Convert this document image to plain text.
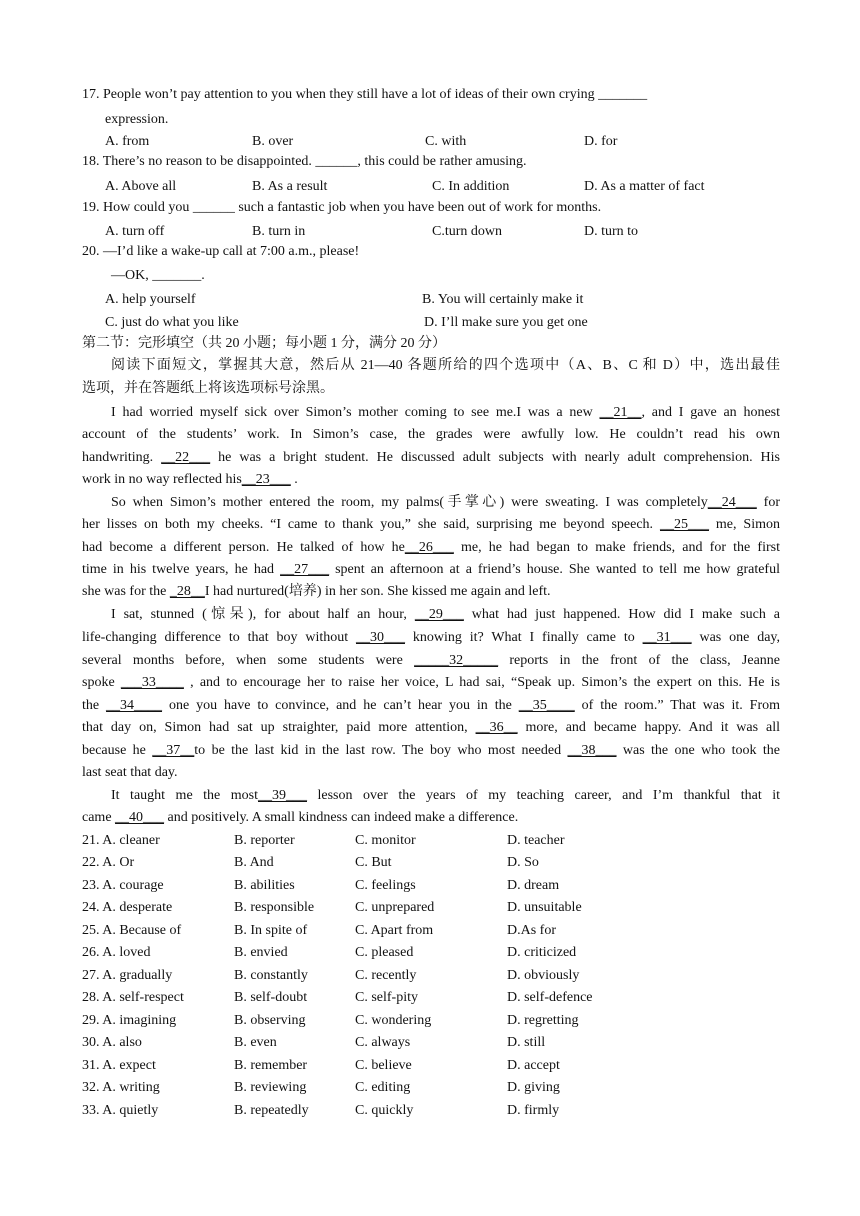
17. People won’t pay attention to you when they still have a lot of ideas of their own crying _______
expression.
A. from	B. over	C. with	D. for
18. There’s no reason to be disappointed. ______, this could be rather amusing.
A. Above all	B. As a result	C. In addition	D. As a matter of fact
19. How could you ______ such a fantastic job when you have been out of work for months.
A. turn off	B. turn in	C.turn down	D. turn to
20. —I’d like a wake-up call at 7:00 a.m., please!
—OK, _______.
A. help yourself	B. You will certainly make it
C. just do what you like	D. I’ll make sure you get one
第二节：完形填空（共 20 小题；每小题 1 分，满分 20 分）
阅读下面短文，掌握其大意，然后从 21—40 各题所给的四个选项中（A、B、C 和 D）中，选出最佳
选项，并在答题纸上将该选项标号涂黑。
I had worried myself sick over Simon’s mother coming to see me.I was a new __21__, and I gave an honest
account of the students’ work. In Simon’s case, the grades were awfully low. He couldn’t read his own
handwriting. __22___ he was a bright student. He discussed adult subjects with nearly adult comprehension. His
work in no way reflected his__23___ .
So when Simon’s mother entered the room, my palms(手掌心) were sweating. I was completely__24___ for
her lisses on both my cheeks. “I came to thank you,” she said, surprising me beyond speech. __25___ me, Simon
had become a different person. He talked of how he__26___ me, he had began to make friends, and for the first
time in his twelve years, he had __27___ spent an afternoon at a friend’s house. She wanted to tell me how grateful
she was for the _28__I had nurtured(培养) in her son. She kissed me again and left.
I sat, stunned (惊呆), for about half an hour, __29___ what had just happened. How did I make such a
life-changing difference to that boy without __30___ knowing it? What I finally came to __31___ was one day,
several months before, when some students were _____32_____ reports in the front of the class, Jeanne
spoke ___33____ , and to encourage her to raise her voice, L had sai, “Speak up. Simon’s the expert on this. He is
the __34____ one you have to convince, and he can’t hear you in the __35____ of the room.” That was it. From
that day on, Simon had sat up straighter, paid more attention, __36__ more, and became happy. And it was all
because he __37__to be the last kid in the last row. The boy who most needed __38___ was the one who took the
last seat that day.
It taught me the most__39___ lesson over the years of my teaching career, and I’m thankful that it
came __40___ and positively. A small kindness can indeed make a difference.
21. A. cleaner	B. reporter	C. monitor	D. teacher
22. A. Or	B. And	C. But	D. So
23. A. courage	B. abilities	C. feelings	D. dream
24. A. desperate	B. responsible	C. unprepared	D. unsuitable
25. A. Because of	B. In spite of	C. Apart from	D.As for
26. A. loved	B. envied	C. pleased	D. criticized
27. A. gradually	B. constantly	C. recently	D. obviously
28. A. self-respect	B. self-doubt	C. self-pity	D. self-defence
29. A. imagining	B. observing	C. wondering	D. regretting
30. A. also	B. even	C. always	D. still
31. A. expect	B. remember	C. believe	D. accept
32. A. writing	B. reviewing	C. editing	D. giving
33. A. quietly	B. repeatedly	C. quickly	D. firmly
